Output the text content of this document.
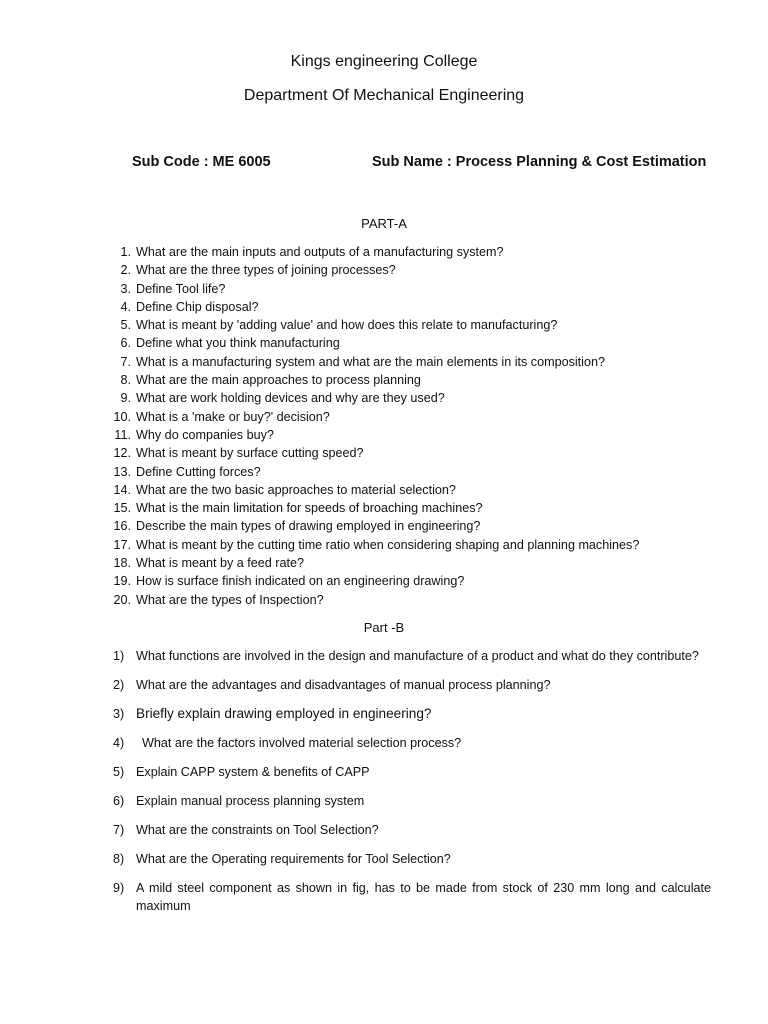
Kings engineering College
Department Of Mechanical Engineering
Sub Code : ME 6005	Sub Name : Process Planning & Cost Estimation
PART-A
1. What are the main inputs and outputs of a manufacturing system?
2. What are the three types of joining processes?
3. Define Tool life?
4. Define Chip disposal?
5. What is meant by 'adding value' and how does this relate to manufacturing?
6. Define what you think manufacturing
7. What is a manufacturing system and what are the main elements in its composition?
8. What are the main approaches to process planning
9. What are work holding devices and why are they used?
10. What is a 'make or buy?' decision?
11. Why do companies buy?
12. What is meant by surface cutting speed?
13. Define Cutting forces?
14. What are the two basic approaches to material selection?
15. What is the main limitation for speeds of broaching machines?
16. Describe the main types of drawing employed in engineering?
17. What is meant by the cutting time ratio when considering shaping and planning machines?
18. What is meant by a feed rate?
19. How is surface finish indicated on an engineering drawing?
20. What are the types of Inspection?
Part -B
1) What functions are involved in the design and manufacture of a product and what do they contribute?
2) What are the advantages and disadvantages of manual process planning?
3) Briefly explain drawing employed in engineering?
4) What are the factors involved material selection process?
5) Explain CAPP system & benefits of CAPP
6) Explain manual process planning system
7) What are the constraints on Tool Selection?
8) What are the Operating requirements for Tool Selection?
9) A mild steel component as shown in fig, has to be made from stock of 230 mm long and calculate maximum
